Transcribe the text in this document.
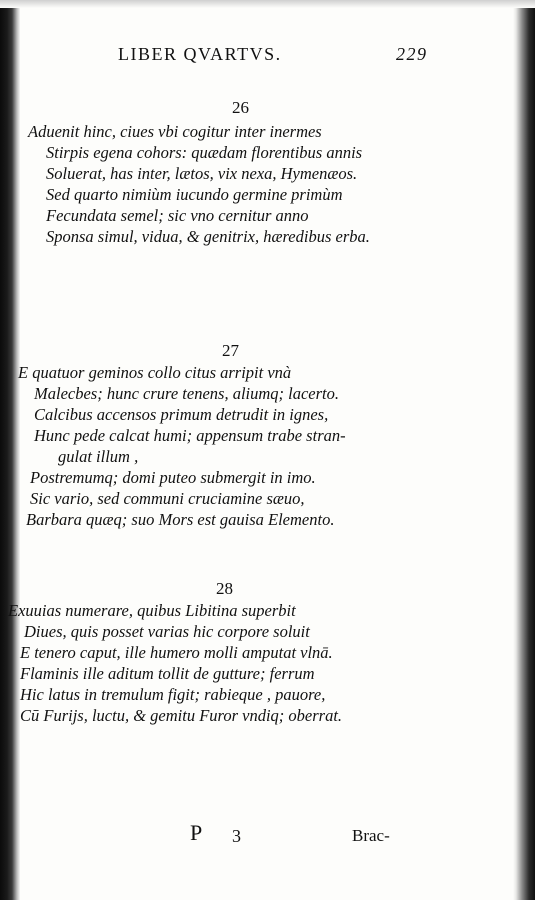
LIBER QVARTVS.	229
26
Aduenit hinc, ciues vbi cogitur inter inermes
Stirpis egena cohors: quædam florentibus annis
Soluerat, has inter, lætos, vix nexa, Hymenæos.
Sed quarto nimiùm iucundo germine primùm
Fecundata semel; sic vno cernitur anno
Sponsa simul, vidua, & genitrix, hæredibus erba.
27
E quatuor geminos collo citus arripit vnà
Malecbes; hunc crure tenens, aliumq; lacerto.
Calcibus accensos primum detrudit in ignes,
Hunc pede calcat humi; appensum trabe stran-
gulat illum ,
Postremumq; domi puteo submergit in imo.
Sic vario, sed communi cruciamine sæuo,
Barbara quæq; suo Mors est gauisa Elemento.
28
Exuuias numerare, quibus Libitina superbit
Diues, quis posset varias hic corpore soluit
E tenero caput, ille humero molli amputat vlnā.
Flaminis ille aditum tollit de gutture; ferrum
Hic latus in tremulum figit; rabieque , pauore,
Cū Furijs, luctu, & gemitu Furor vndiq; oberrat.
P 3	Brac-
